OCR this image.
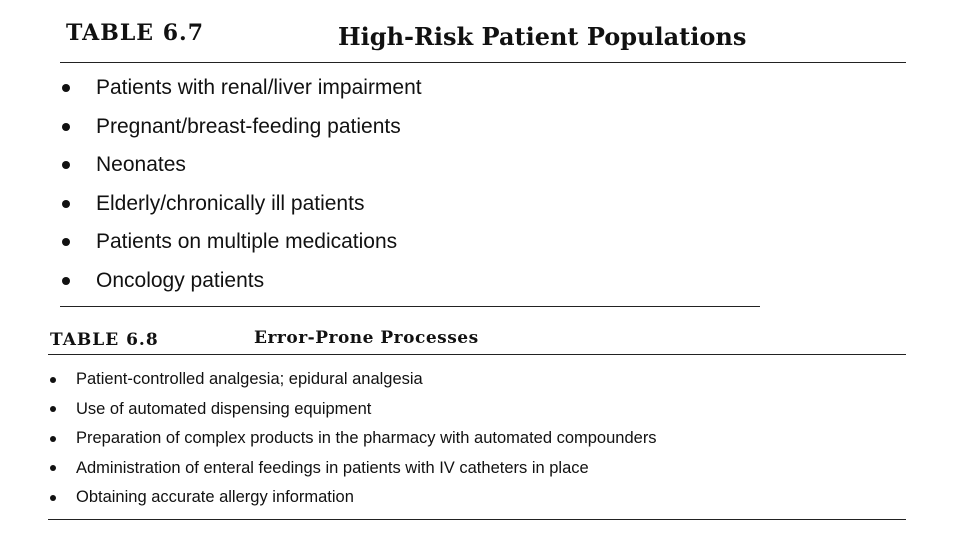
TABLE 6.7	High-Risk Patient Populations
Patients with renal/liver impairment
Pregnant/breast-feeding patients
Neonates
Elderly/chronically ill patients
Patients on multiple medications
Oncology patients
TABLE 6.8	Error-Prone Processes
Patient-controlled analgesia; epidural analgesia
Use of automated dispensing equipment
Preparation of complex products in the pharmacy with automated compounders
Administration of enteral feedings in patients with IV catheters in place
Obtaining accurate allergy information
